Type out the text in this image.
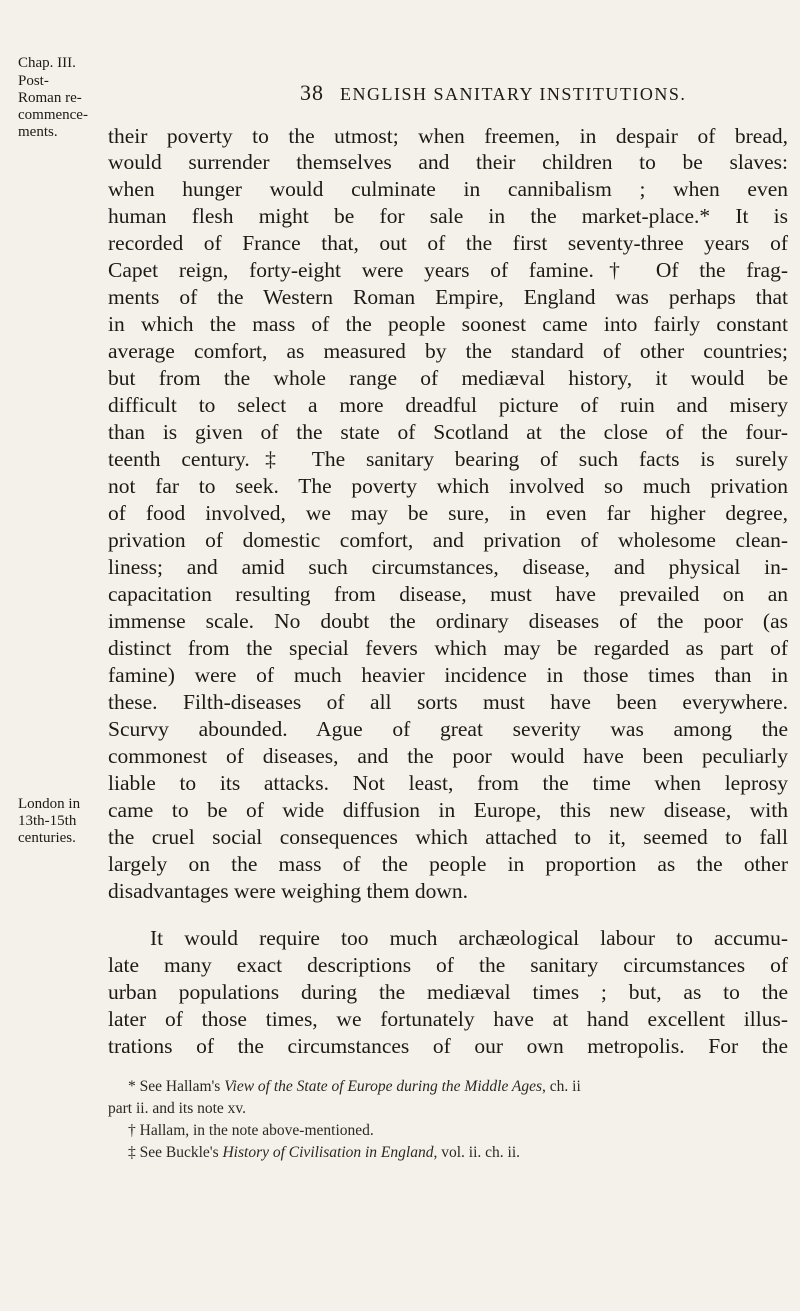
38 ENGLISH SANITARY INSTITUTIONS.
Chap. III.
Post-
Roman re-
commence-
ments.
London in
13th-15th
centuries.
their poverty to the utmost; when freemen, in despair of bread,
would surrender themselves and their children to be slaves:
when hunger would culminate in cannibalism ; when even
human flesh might be for sale in the market-place.* It is
recorded of France that, out of the first seventy-three years of
Capet reign, forty-eight were years of famine.† Of the frag-
ments of the Western Roman Empire, England was perhaps that
in which the mass of the people soonest came into fairly constant
average comfort, as measured by the standard of other countries;
but from the whole range of mediæval history, it would be
difficult to select a more dreadful picture of ruin and misery
than is given of the state of Scotland at the close of the four-
teenth century.‡ The sanitary bearing of such facts is surely
not far to seek. The poverty which involved so much privation
of food involved, we may be sure, in even far higher degree,
privation of domestic comfort, and privation of wholesome clean-
liness; and amid such circumstances, disease, and physical in-
capacitation resulting from disease, must have prevailed on an
immense scale. No doubt the ordinary diseases of the poor (as
distinct from the special fevers which may be regarded as part of
famine) were of much heavier incidence in those times than in
these. Filth-diseases of all sorts must have been everywhere.
Scurvy abounded. Ague of great severity was among the
commonest of diseases, and the poor would have been peculiarly
liable to its attacks. Not least, from the time when leprosy
came to be of wide diffusion in Europe, this new disease, with
the cruel social consequences which attached to it, seemed to fall
largely on the mass of the people in proportion as the other
disadvantages were weighing them down.
It would require too much archæological labour to accumu-
late many exact descriptions of the sanitary circumstances of
urban populations during the mediæval times ; but, as to the
later of those times, we fortunately have at hand excellent illus-
trations of the circumstances of our own metropolis. For the
* See Hallam's View of the State of Europe during the Middle Ages, ch. ii
part ii. and its note xv.
† Hallam, in the note above-mentioned.
‡ See Buckle's History of Civilisation in England, vol. ii. ch. ii.
